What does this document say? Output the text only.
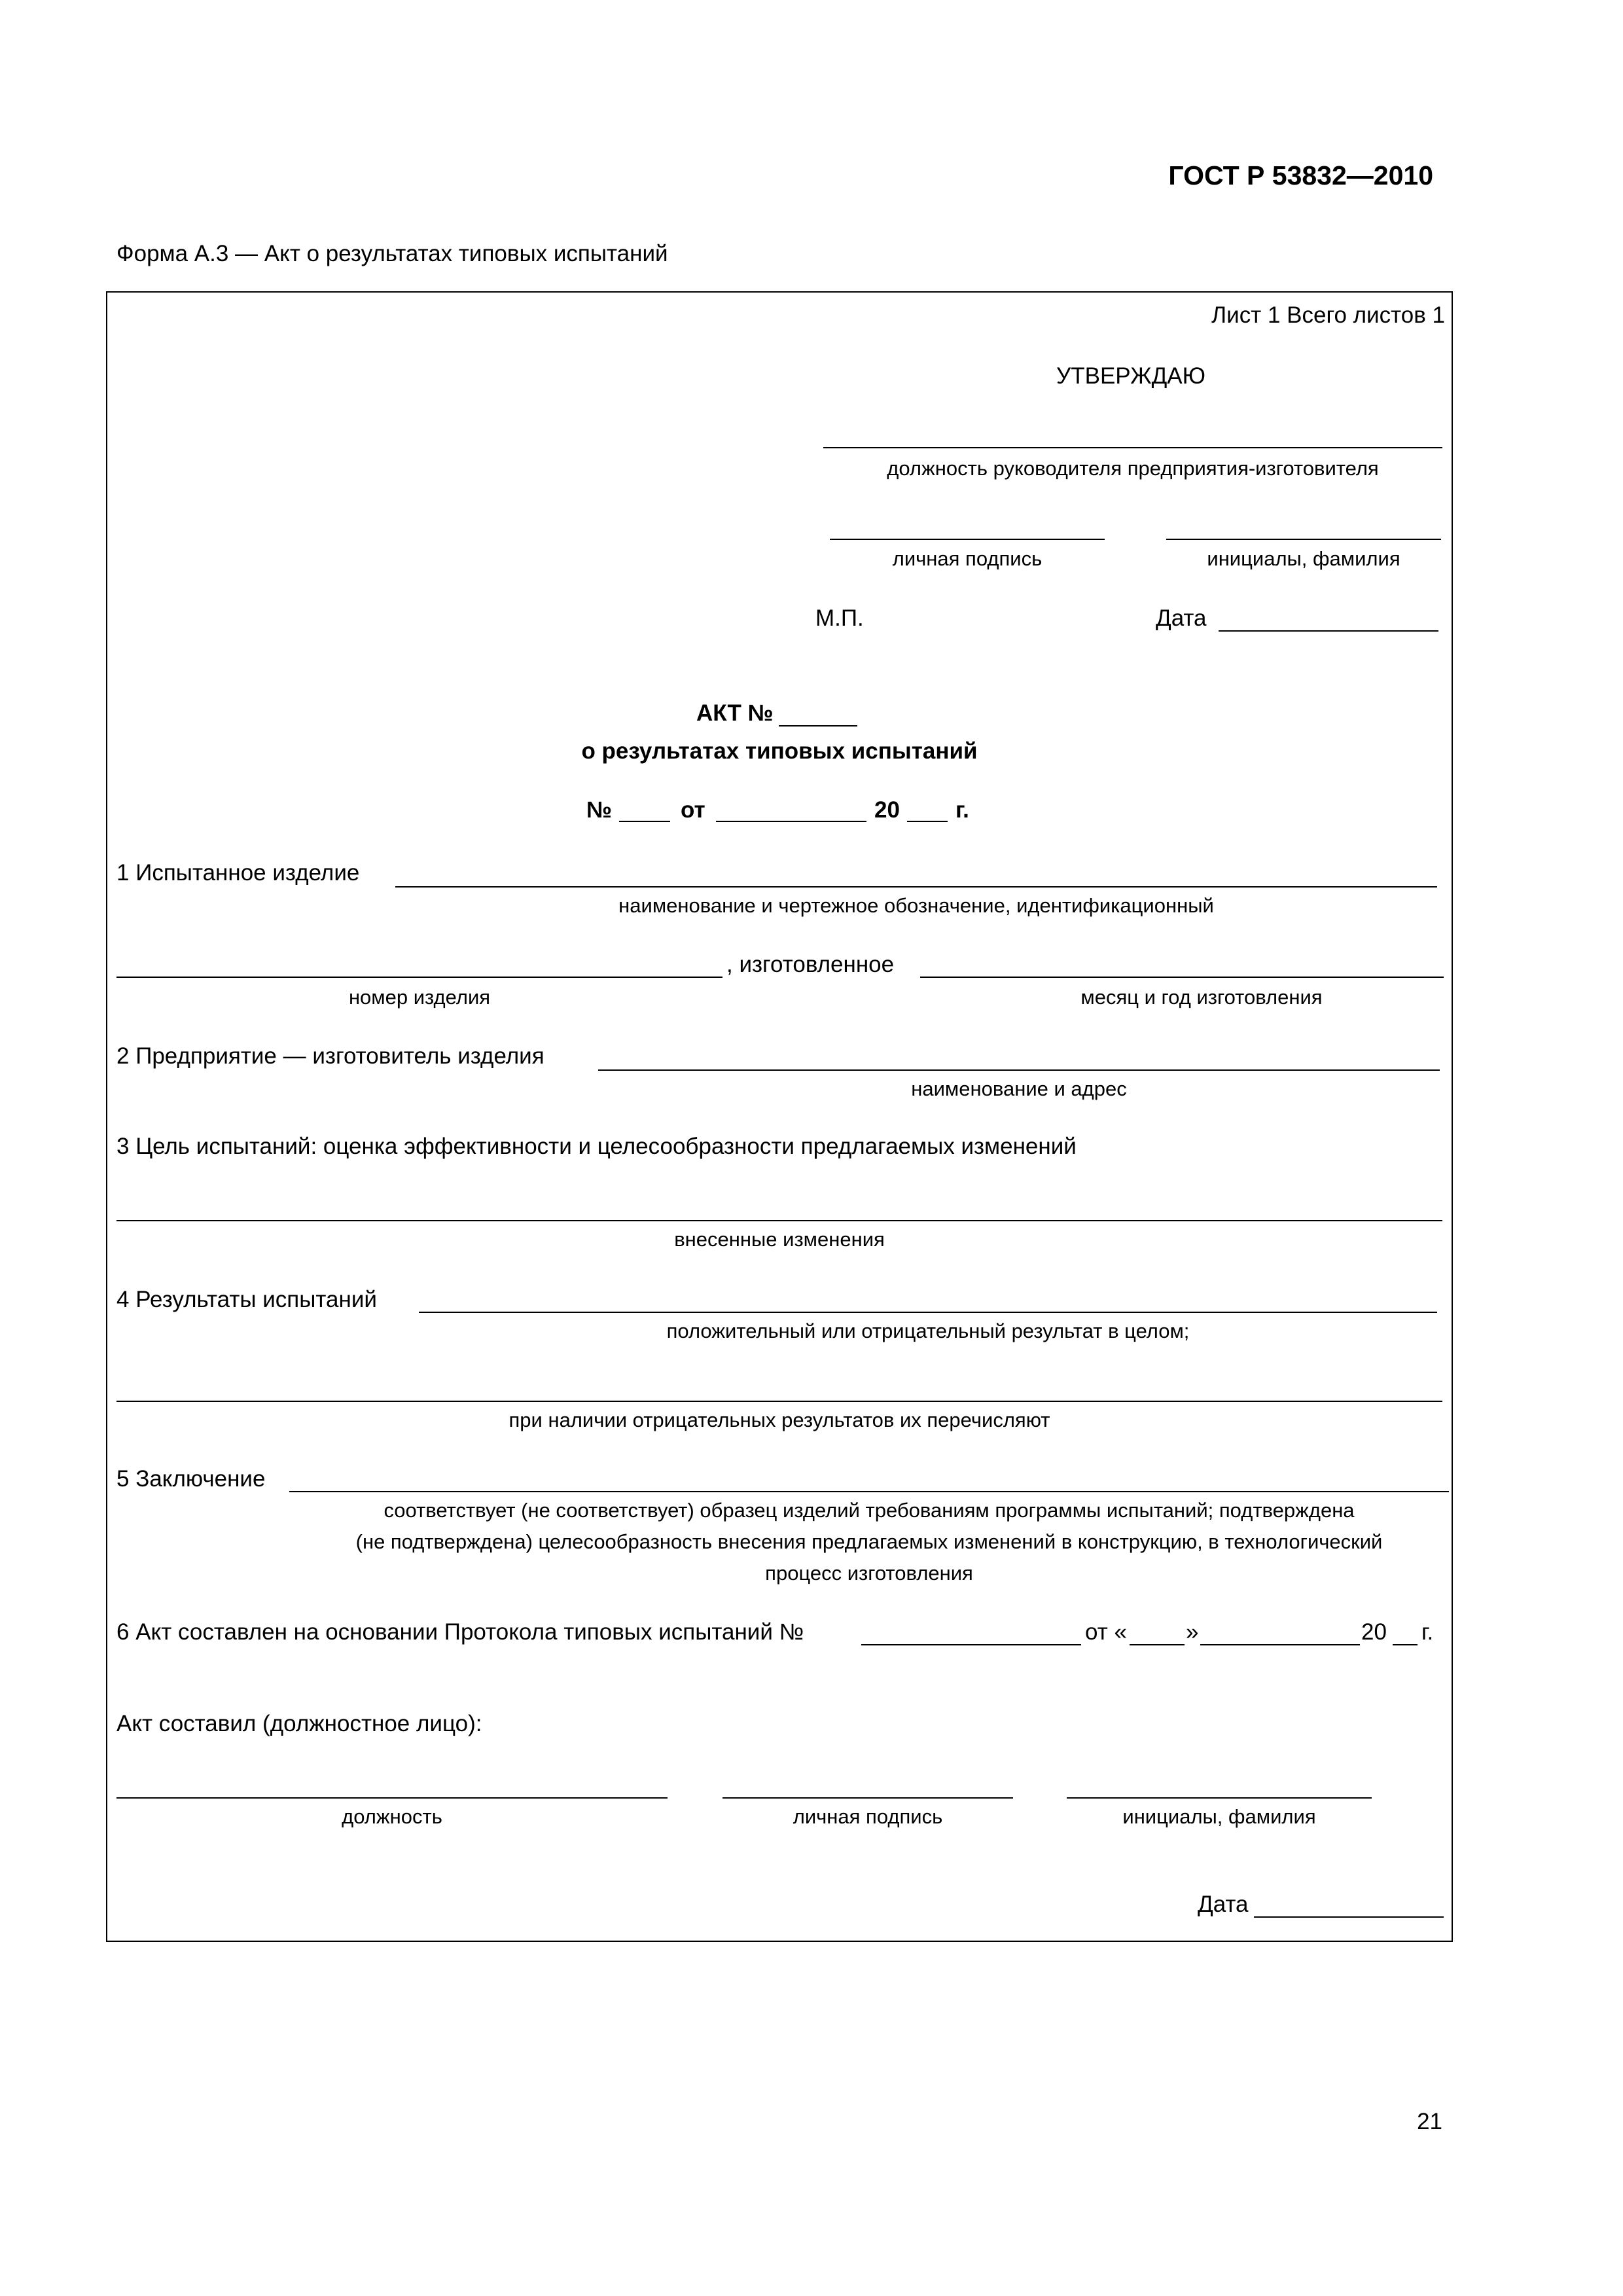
ГОСТ Р 53832—2010
Форма А.3 — Акт о результатах типовых испытаний
Лист 1 Всего листов 1
УТВЕРЖДАЮ
должность руководителя предприятия-изготовителя
личная подпись	инициалы, фамилия
М.П.	Дата
АКТ №
о результатах типовых испытаний
№	от	20 г.
1 Испытанное изделие
наименование и чертежное обозначение, идентификационный
, изготовленное
номер изделия	месяц и год изготовления
2 Предприятие — изготовитель изделия
наименование и адрес
3 Цель испытаний: оценка эффективности и целесообразности предлагаемых изменений
внесенные изменения
4 Результаты испытаний
положительный или отрицательный результат в целом;
при наличии отрицательных результатов их перечисляют
5 Заключение
соответствует (не соответствует) образец изделий требованиям программы испытаний; подтверждена
(не подтверждена) целесообразность внесения предлагаемых изменений в конструкцию, в технологический
процесс изготовления
6 Акт составлен на основании Протокола типовых испытаний №	от «	»	20 г.
Акт составил (должностное лицо):
должность	личная подпись	инициалы, фамилия
Дата
21
